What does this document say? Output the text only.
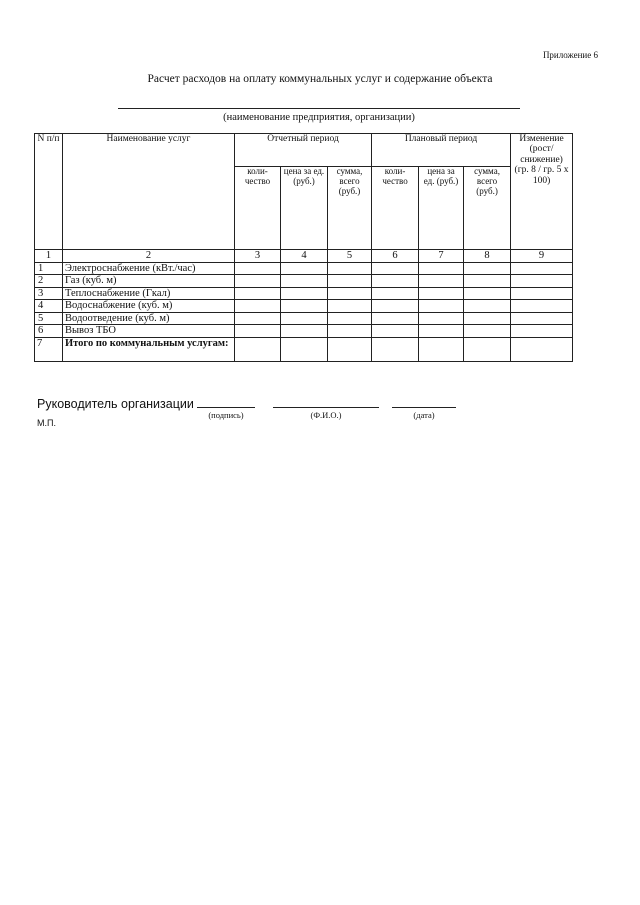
Приложение 6
Расчет расходов на оплату коммунальных услуг и содержание объекта
(наименование предприятия, организации)
N п/п	Наименование услуг	Отчетный период			Плановый период			Изменение (рост/ снижение) (гр. 8 / гр. 5 х 100)
		коли- чество	цена за ед. (руб.)	сумма, всего (руб.)	коли- чество	цена за ед. (руб.)	сумма, всего (руб.)	
1	2	3	4	5	6	7	8	9
1	Электроснабжение (кВт./час)							
2	Газ (куб. м)							
3	Теплоснабжение (Гкал)							
4	Водоснабжение (куб. м)							
5	Водоотведение (куб. м)							
6	Вывоз ТБО							
7	Итого по коммунальным услугам:							
Руководитель организации
М.П.
(подпись)	(Ф.И.О.)	(дата)
